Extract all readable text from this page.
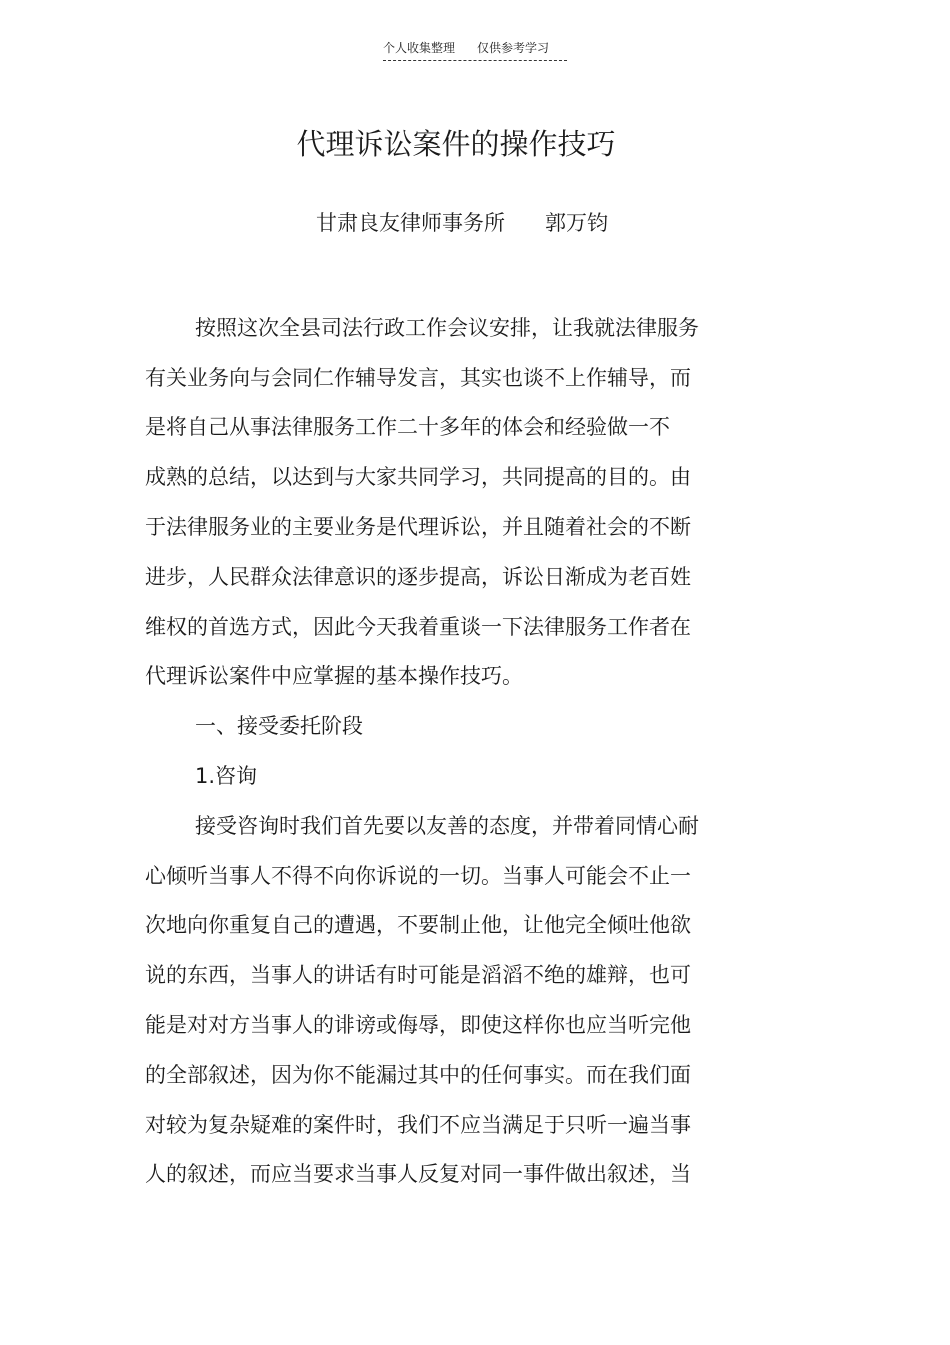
个人收集整理 仅供参考学习
代理诉讼案件的操作技巧
甘肃良友律师事务所 郭万钧

按照这次全县司法行政工作会议安排，让我就法律服务

有关业务向与会同仁作辅导发言，其实也谈不上作辅导，而

是将自己从事法律服务工作二十多年的体会和经验做一不

成熟的总结，以达到与大家共同学习，共同提高的目的。由

于法律服务业的主要业务是代理诉讼，并且随着社会的不断

进步，人民群众法律意识的逐步提高，诉讼日渐成为老百姓

维权的首选方式，因此今天我着重谈一下法律服务工作者在

代理诉讼案件中应掌握的基本操作技巧。

一、接受委托阶段

1.咨询

接受咨询时我们首先要以友善的态度，并带着同情心耐

心倾听当事人不得不向你诉说的一切。当事人可能会不止一

次地向你重复自己的遭遇，不要制止他，让他完全倾吐他欲

说的东西，当事人的讲话有时可能是滔滔不绝的雄辩，也可

能是对对方当事人的诽谤或侮辱，即使这样你也应当听完他

的全部叙述，因为你不能漏过其中的任何事实。而在我们面

对较为复杂疑难的案件时，我们不应当满足于只听一遍当事

人的叙述，而应当要求当事人反复对同一事件做出叙述，当
